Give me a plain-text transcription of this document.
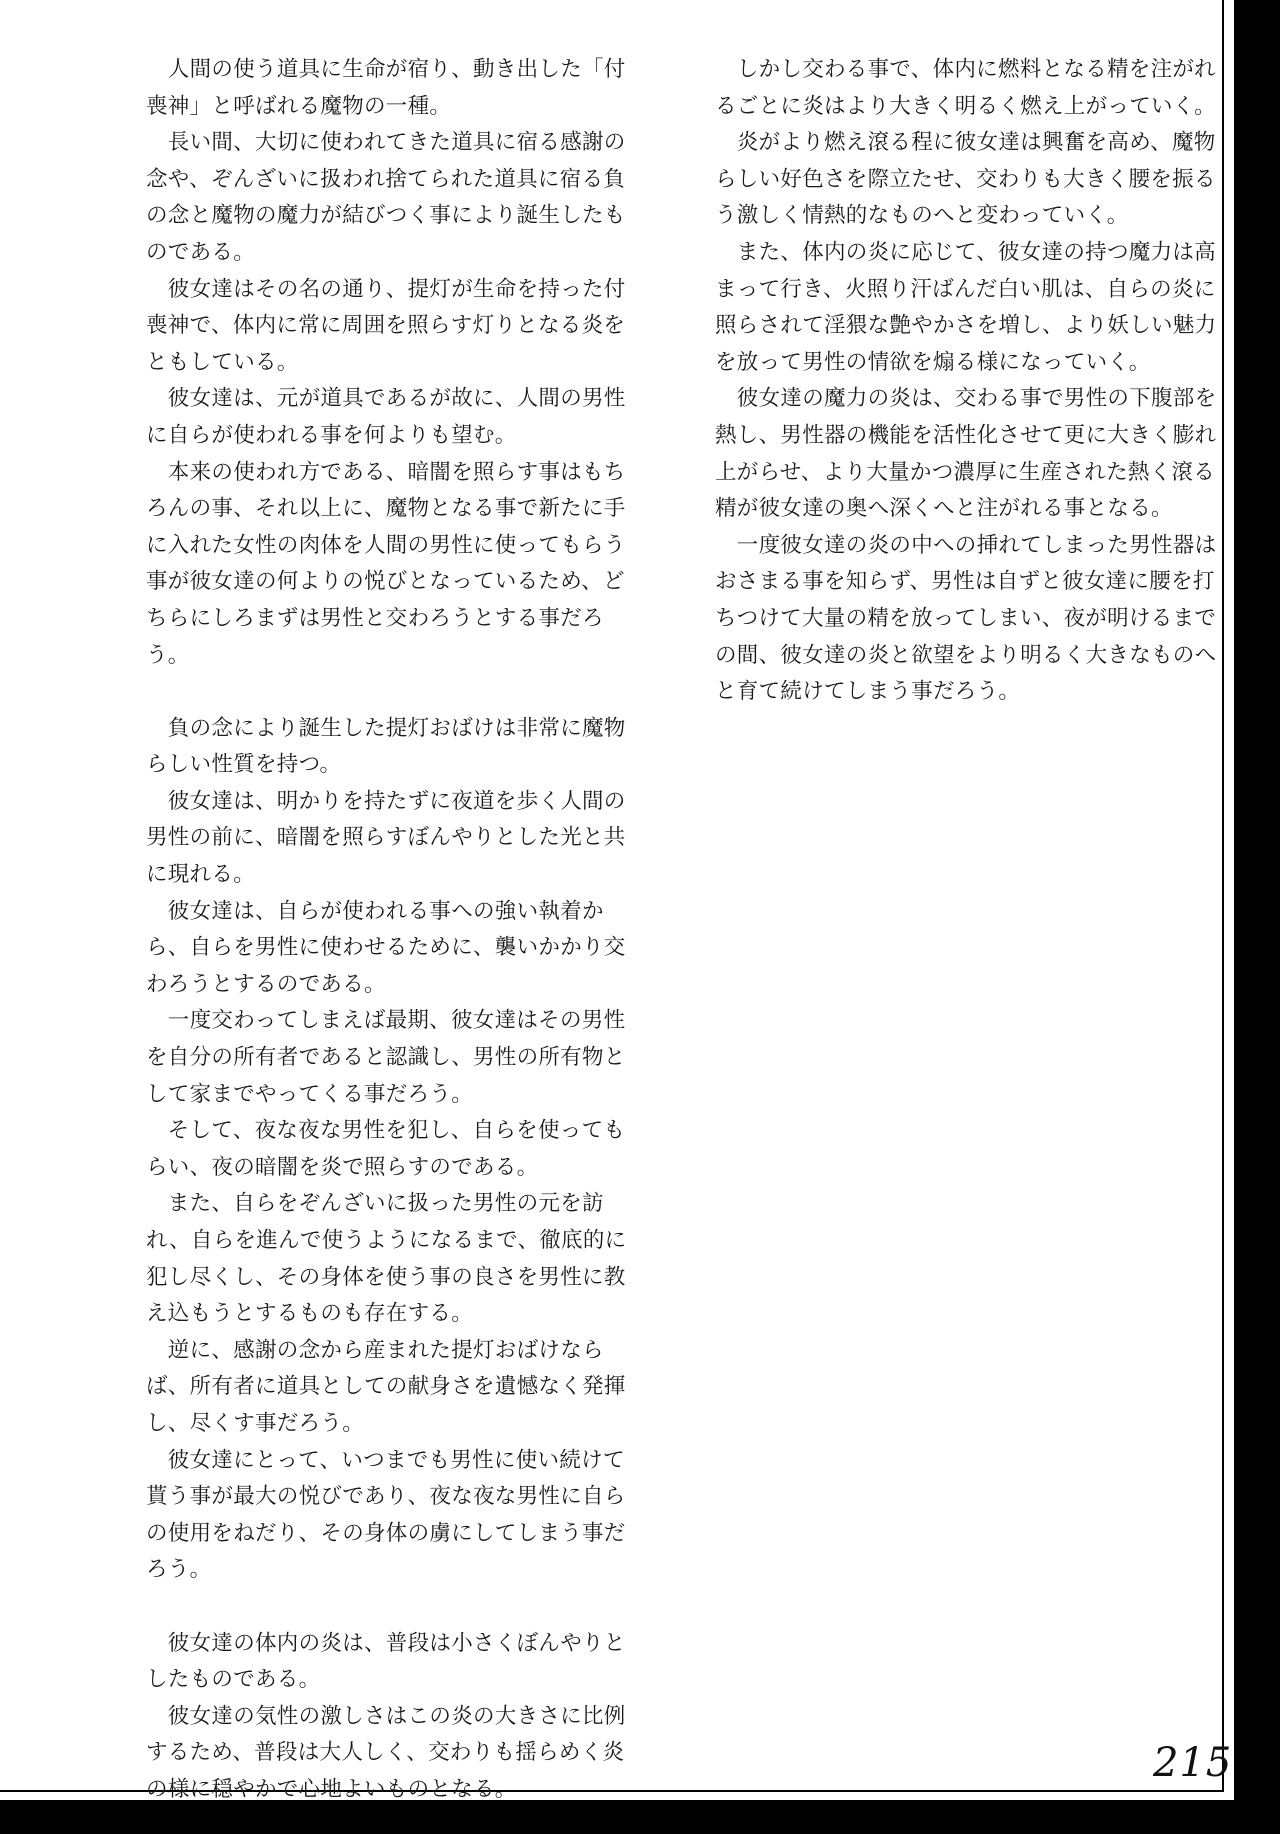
　人間の使う道具に生命が宿り、動き出した「付喪神」と呼ばれる魔物の一種。

　長い間、大切に使われてきた道具に宿る感謝の念や、ぞんざいに扱われ捨てられた道具に宿る負の念と魔物の魔力が結びつく事により誕生したものである。

　彼女達はその名の通り、提灯が生命を持った付喪神で、体内に常に周囲を照らす灯りとなる炎をともしている。

　彼女達は、元が道具であるが故に、人間の男性に自らが使われる事を何よりも望む。

　本来の使われ方である、暗闇を照らす事はもちろんの事、それ以上に、魔物となる事で新たに手に入れた女性の肉体を人間の男性に使ってもらう事が彼女達の何よりの悦びとなっているため、どちらにしろまずは男性と交わろうとする事だろう。

　負の念により誕生した提灯おばけは非常に魔物らしい性質を持つ。

　彼女達は、明かりを持たずに夜道を歩く人間の男性の前に、暗闇を照らすぼんやりとした光と共に現れる。

　彼女達は、自らが使われる事への強い執着から、自らを男性に使わせるために、襲いかかり交わろうとするのである。

　一度交わってしまえば最期、彼女達はその男性を自分の所有者であると認識し、男性の所有物として家までやってくる事だろう。

　そして、夜な夜な男性を犯し、自らを使ってもらい、夜の暗闇を炎で照らすのである。

　また、自らをぞんざいに扱った男性の元を訪れ、自らを進んで使うようになるまで、徹底的に犯し尽くし、その身体を使う事の良さを男性に教え込もうとするものも存在する。

　逆に、感謝の念から産まれた提灯おばけならば、所有者に道具としての献身さを遺憾なく発揮し、尽くす事だろう。

　彼女達にとって、いつまでも男性に使い続けて貰う事が最大の悦びであり、夜な夜な男性に自らの使用をねだり、その身体の虜にしてしまう事だろう。

　彼女達の体内の炎は、普段は小さくぼんやりとしたものである。

　彼女達の気性の激しさはこの炎の大きさに比例するため、普段は大人しく、交わりも揺らめく炎の様に穏やかで心地よいものとなる。

　しかし交わる事で、体内に燃料となる精を注がれるごとに炎はより大きく明るく燃え上がっていく。

　炎がより燃え滾る程に彼女達は興奮を高め、魔物らしい好色さを際立たせ、交わりも大きく腰を振るう激しく情熱的なものへと変わっていく。

　また、体内の炎に応じて、彼女達の持つ魔力は高まって行き、火照り汗ばんだ白い肌は、自らの炎に照らされて淫猥な艶やかさを増し、より妖しい魅力を放って男性の情欲を煽る様になっていく。

　彼女達の魔力の炎は、交わる事で男性の下腹部を熱し、男性器の機能を活性化させて更に大きく膨れ上がらせ、より大量かつ濃厚に生産された熱く滾る精が彼女達の奥へ深くへと注がれる事となる。

　一度彼女達の炎の中への挿れてしまった男性器はおさまる事を知らず、男性は自ずと彼女達に腰を打ちつけて大量の精を放ってしまい、夜が明けるまでの間、彼女達の炎と欲望をより明るく大きなものへと育て続けてしまう事だろう。

215
